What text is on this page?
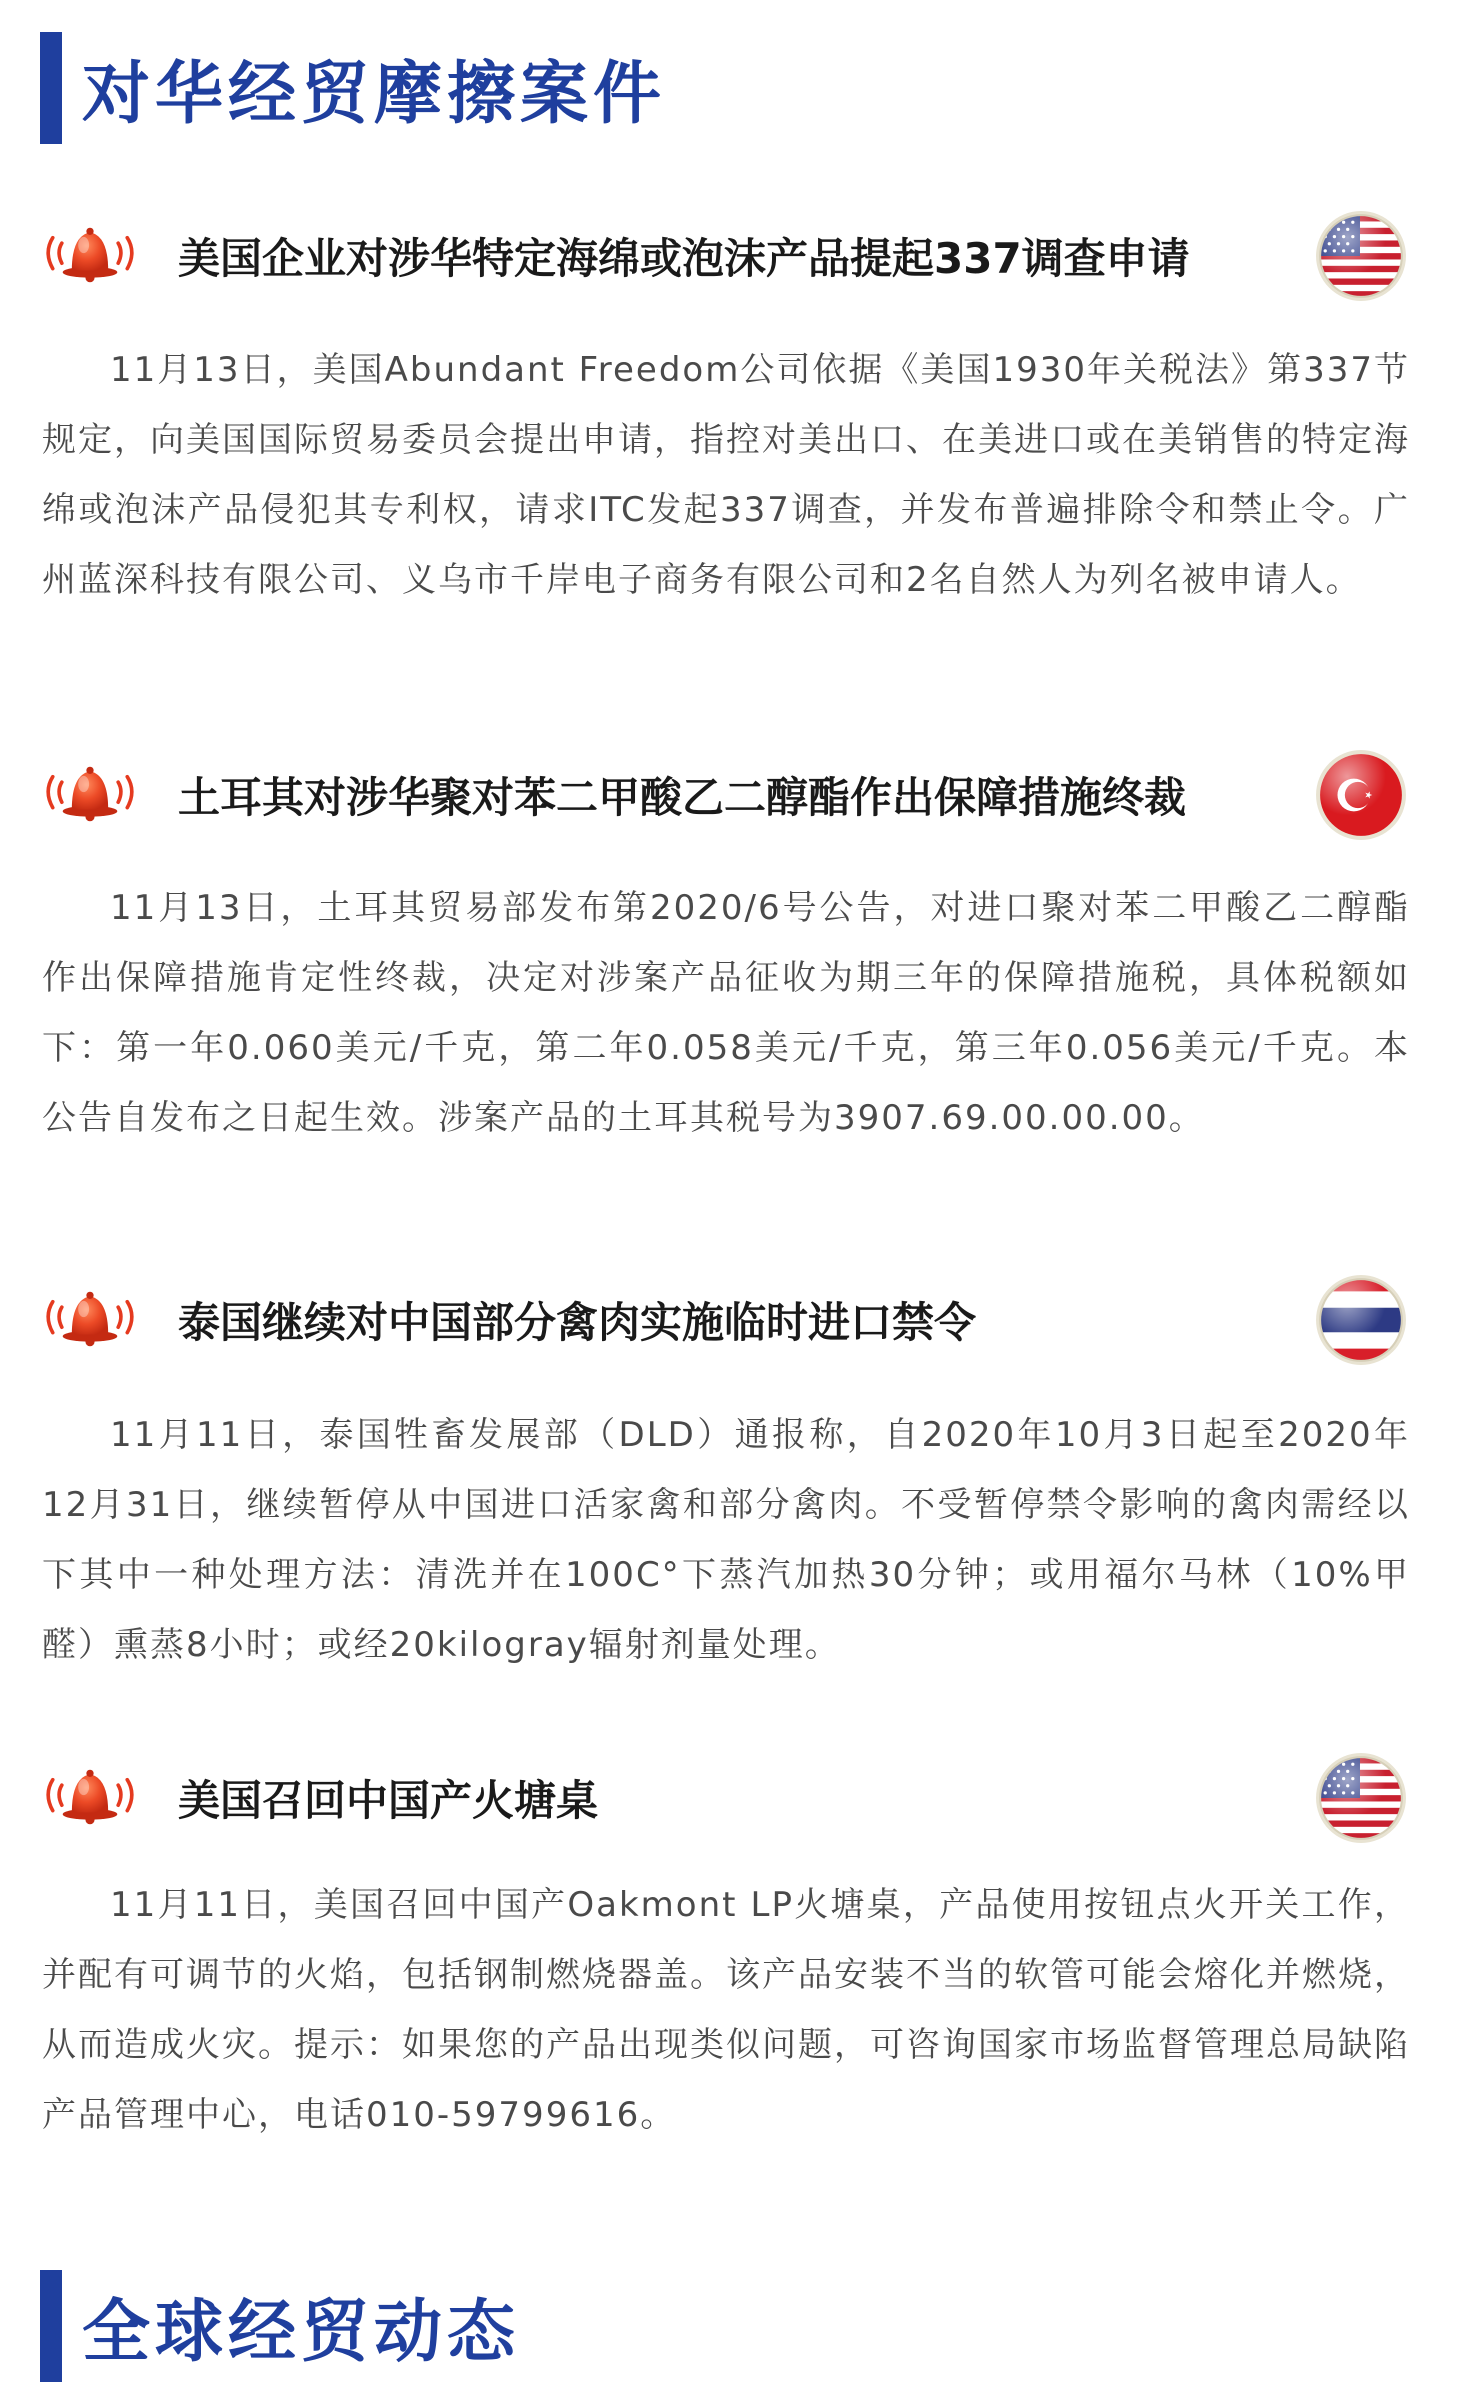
对华经贸摩擦案件
美国企业对涉华特定海绵或泡沫产品提起337调查申请

11月13日，美国Abundant Freedom公司依据《美国1930年关税法》第337节规定，向美国国际贸易委员会提出申请，指控对美出口、在美进口或在美销售的特定海绵或泡沫产品侵犯其专利权，请求ITC发起337调查，并发布普遍排除令和禁止令。广州蓝深科技有限公司、义乌市千岸电子商务有限公司和2名自然人为列名被申请人。

土耳其对涉华聚对苯二甲酸乙二醇酯作出保障措施终裁

11月13日，土耳其贸易部发布第2020/6号公告，对进口聚对苯二甲酸乙二醇酯作出保障措施肯定性终裁，决定对涉案产品征收为期三年的保障措施税，具体税额如下：第一年0.060美元/千克，第二年0.058美元/千克，第三年0.056美元/千克。本公告自发布之日起生效。涉案产品的土耳其税号为3907.69.00.00.00。

泰国继续对中国部分禽肉实施临时进口禁令

11月11日，泰国牲畜发展部（DLD）通报称，自2020年10月3日起至2020年12月31日，继续暂停从中国进口活家禽和部分禽肉。不受暂停禁令影响的禽肉需经以下其中一种处理方法：清洗并在100C°下蒸汽加热30分钟；或用福尔马林（10%甲醛）熏蒸8小时；或经20kilogray辐射剂量处理。

美国召回中国产火塘桌

11月11日，美国召回中国产Oakmont LP火塘桌，产品使用按钮点火开关工作，并配有可调节的火焰，包括钢制燃烧器盖。该产品安装不当的软管可能会熔化并燃烧，从而造成火灾。提示：如果您的产品出现类似问题，可咨询国家市场监督管理总局缺陷产品管理中心，电话010-59799616。

全球经贸动态
